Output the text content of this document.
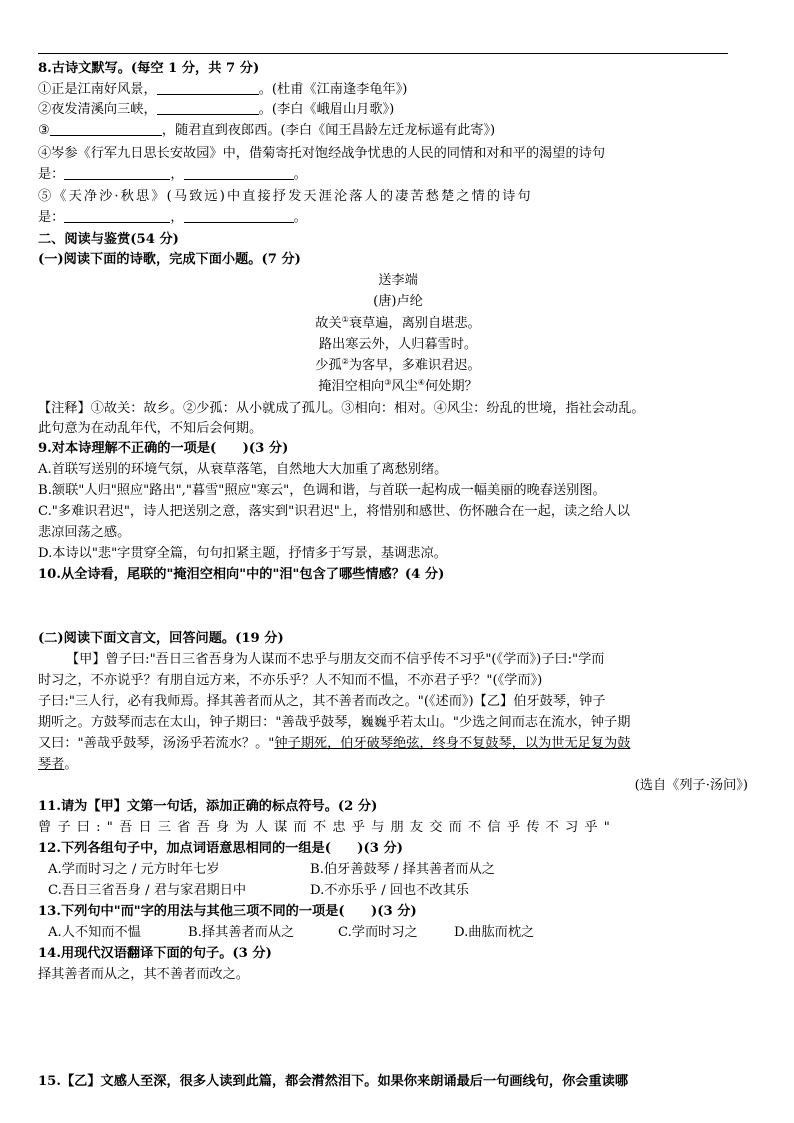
8.古诗文默写。(每空 1 分，共 7 分)
①正是江南好风景，	。(杜甫《江南逢李龟年》)
②夜发清溪向三峡，	。(李白《峨眉山月歌》)
③	，随君直到夜郎西。(李白《闻王昌龄左迁龙标遥有此寄》)
④岑参《行军九日思长安故园》中，借菊寄托对饱经战争忧患的人民的同情和对和平的渴望的诗句
是：	，	。
⑤《天净沙·秋思》(马致远)中直接抒发天涯沦落人的凄苦愁楚之情的诗句
是：	，	。
二、阅读与鉴赏(54 分)
(一)阅读下面的诗歌，完成下面小题。(7 分)
送李端
(唐)卢纶
故关①衰草遍，离别自堪悲。
路出寒云外，人归暮雪时。
少孤②为客早，多难识君迟。
掩泪空相向③风尘④何处期？
【注释】①故关：故乡。②少孤：从小就成了孤儿。③相向：相对。④风尘：纷乱的世境，指社会动乱。
此句意为在动乱年代，不知后会何期。
9.对本诗理解不正确的一项是(　　)(3 分)
A.首联写送别的环境气氛，从衰草落笔，自然地大大加重了离愁别绪。
B.颔联"人归"照应"路出","暮雪"照应"寒云"，色调和谐，与首联一起构成一幅美丽的晚春送别图。
C."多难识君迟"，诗人把送别之意，落实到"识君迟"上，将惜别和感世、伤怀融合在一起，读之给人以
悲凉回荡之感。
D.本诗以"悲"字贯穿全篇，句句扣紧主题，抒情多于写景，基调悲凉。
10.从全诗看，尾联的"掩泪空相向"中的"泪"包含了哪些情感？(4 分)
(二)阅读下面文言文，回答问题。(19 分)
【甲】曾子曰:"吾日三省吾身为人谋而不忠乎与朋友交而不信乎传不习乎"(《学而》)子曰:"学而
时习之，不亦说乎？有朋自远方来，不亦乐乎？人不知而不愠，不亦君子乎？"(《学而》)
子曰:"三人行，必有我师焉。择其善者而从之，其不善者而改之。"(《述而》)【乙】伯牙鼓琴，钟子
期听之。方鼓琴而志在太山，钟子期曰："善哉乎鼓琴，巍巍乎若太山。"少选之间而志在流水，钟子期
又曰："善哉乎鼓琴，汤汤乎若流水？。"钟子期死，伯牙破琴绝弦，终身不复鼓琴，以为世无足复为鼓
琴者。
(选自《列子·汤问》)
11.请为【甲】文第一句话，添加正确的标点符号。(2 分)
曾子曰:"吾日三省吾身为人谋而不忠乎与朋友交而不信乎传不习乎"
12.下列各组句子中，加点词语意思相同的一组是(　　)(3 分)
A.学而时习之 / 元方时年七岁	B.伯牙善鼓琴 / 择其善者而从之
C.吾日三省吾身 / 君与家君期日中	D.不亦乐乎 / 回也不改其乐
13.下列句中"而"字的用法与其他三项不同的一项是(　　)(3 分)
A.人不知而不愠	B.择其善者而从之	C.学而时习之	D.曲肱而枕之
14.用现代汉语翻译下面的句子。(3 分)
择其善者而从之，其不善者而改之。
15.【乙】文感人至深，很多人读到此篇，都会潸然泪下。如果你来朗诵最后一句画线句，你会重读哪
